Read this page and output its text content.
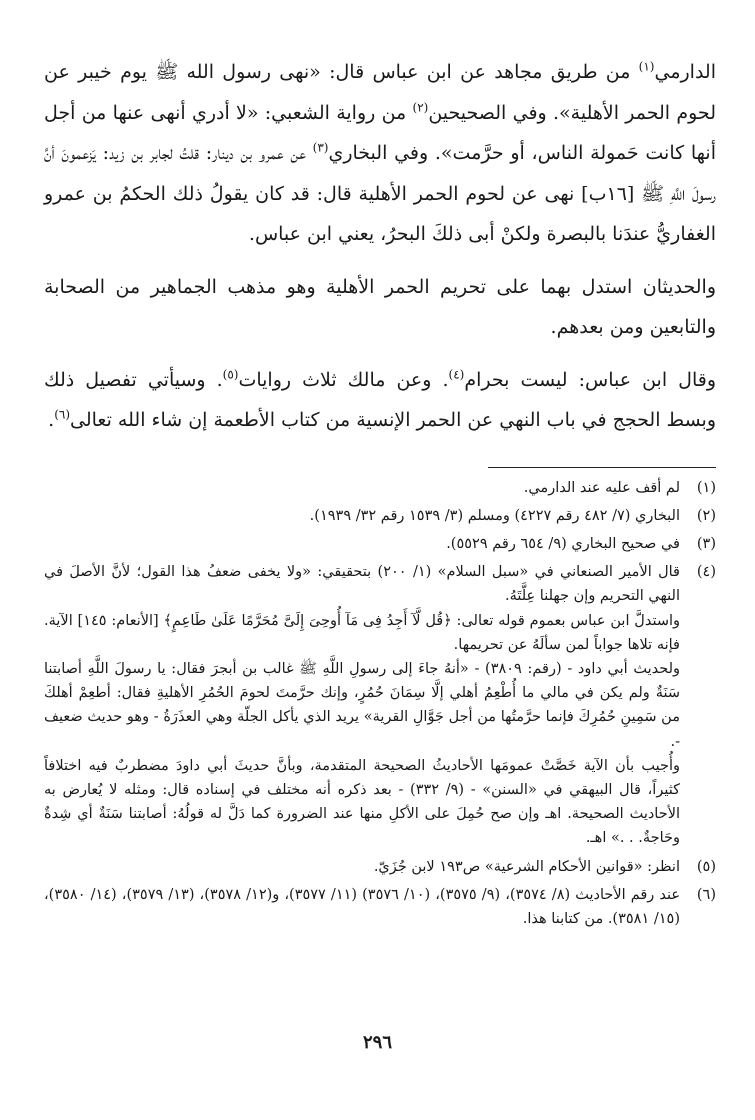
الدارمي$^{(١)}$ من طريق مجاهد عن ابن عباس قال: «نهى رسول الله ﷺ يوم خيبر عن لحوم الحمر الأهلية». وفي الصحيحين$^{(٢)}$ من رواية الشعبي: «لا أدري أنهى عنها من أجل أنها كانت حَمولة الناس، أو حرَّمت». وفي البخاري$^{(٣)}$ عن عمرو بن دينار: قلتُ لجابر بن زيد: يَزعمونَ أنَّ رسولَ اللَّهِ ﷺ [١٦ب] نهى عن لحوم الحمر الأهلية قال: قد كان يقولُ ذلك الحكمُ بن عمرو الغفاريُّ عندَنا بالبصرة ولكنْ أبى ذلكَ البحرُ، يعني ابن عباس.

والحديثان استدل بهما على تحريم الحمر الأهلية وهو مذهب الجماهير من الصحابة والتابعين ومن بعدهم.

وقال ابن عباس: ليست بحرام$^{(٤)}$. وعن مالك ثلاث روايات$^{(٥)}$. وسيأتي تفصيل ذلك وبسط الحجج في باب النهي عن الحمر الإنسية من كتاب الأطعمة إن شاء الله تعالى$^{(٦)}$.

(١)

لم أقف عليه عند الدارمي.

(٢)

البخاري (٧/ ٤٨٢ رقم ٤٢٢٧) ومسلم (٣/ ١٥٣٩ رقم ٣٢/ ١٩٣٩).

(٣)

في صحيح البخاري (٩/ ٦٥٤ رقم ٥٥٢٩).

(٤)

قال الأمير الصنعاني في «سبل السلام» (١/ ٢٠٠) بتحقيقي: «ولا يخفى ضعفُ هذا القول؛ لأنَّ الأصلَ في النهي التحريم وإن جهلنا عِلَّتَهُ.

واستدلَّ ابن عباس بعموم قوله تعالى: ﴿قُل لَّآ أَجِدُ فِى مَآ أُوحِىَ إِلَىَّ مُحَرَّمًا عَلَىٰ طَاعِمٍ﴾ [الأنعام: ١٤٥] الآية. فإنه تلاها جواباً لمن سألَهُ عن تحريمها.

ولحديث أبي داود - (رقم: ٣٨٠٩) - «أنهُ جاءَ إلى رسولِ اللَّهِ ﷺ غالب بن أبجرَ فقال: يا رسولَ اللَّهِ أصابتنا سَنَةٌ ولم يكن في مالي ما أُطْعِمُ أهلي إلَّا سِمَانَ حُمُرٍ، وإنك حرَّمتَ لحومَ الحُمُرِ الأهليةِ فقال: أطعِمْ أهلكَ من سَمِينِ حُمُرِكَ فإنما حرَّمتُها من أجل جَوَّالِ القرية» يريد الذي يأكل الجلّة وهي العذَرَةُ - وهو حديث ضعيف -.

وأُجيب بأن الآية خَصَّتْ عمومَها الأحاديثُ الصحيحة المتقدمة، وبأنَّ حديثَ أبي داودَ مضطربٌ فيه اختلافاً كثيراً، قال البيهقي في «السنن» - (٩/ ٣٣٢) - بعد ذكره أنه مختلف في إسناده قال: ومثله لا يُعارض به الأحاديث الصحيحة. اهـ وإن صح حُمِلَ على الأكلِ منها عند الضرورة كما دَلَّ له قولُهُ: أصابتنا سَنَةٌ أي شِدةٌ وحَاجةٌ. . .» اهـ.

(٥)

انظر: «قوانين الأحكام الشرعية» ص١٩٣ لابن جُزَيّ.

(٦)

عند رقم الأحاديث (٨/ ٣٥٧٤)، (٩/ ٣٥٧٥)، (١٠/ ٣٥٧٦) (١١/ ٣٥٧٧)، و(١٢/ ٣٥٧٨)، (١٣/ ٣٥٧٩)، (١٤/ ٣٥٨٠)، (١٥/ ٣٥٨١). من كتابنا هذا.

٢٩٦
